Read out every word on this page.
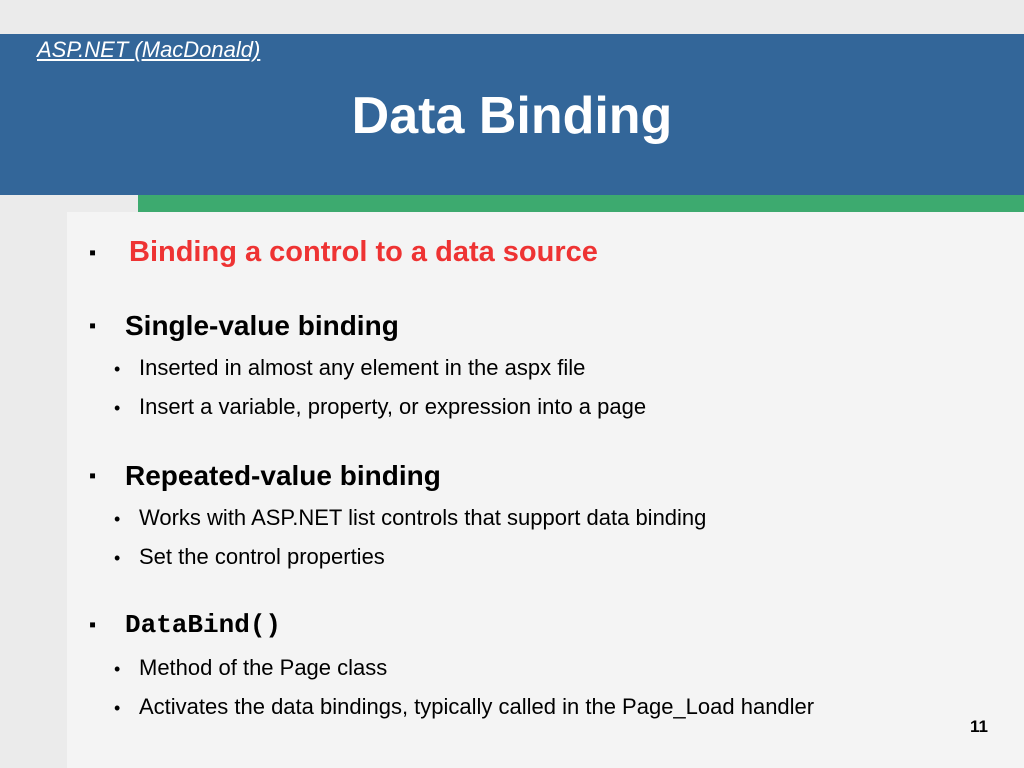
ASP.NET (MacDonald)
Data Binding
▪ Binding a control to a data source
▪ Single-value binding
• Inserted in almost any element in the aspx file
• Insert a variable, property, or expression into a page
▪ Repeated-value binding
• Works with ASP.NET list controls that support data binding
• Set the control properties
▪ DataBind()
• Method of the Page class
• Activates the data bindings, typically called in the Page_Load handler
11
